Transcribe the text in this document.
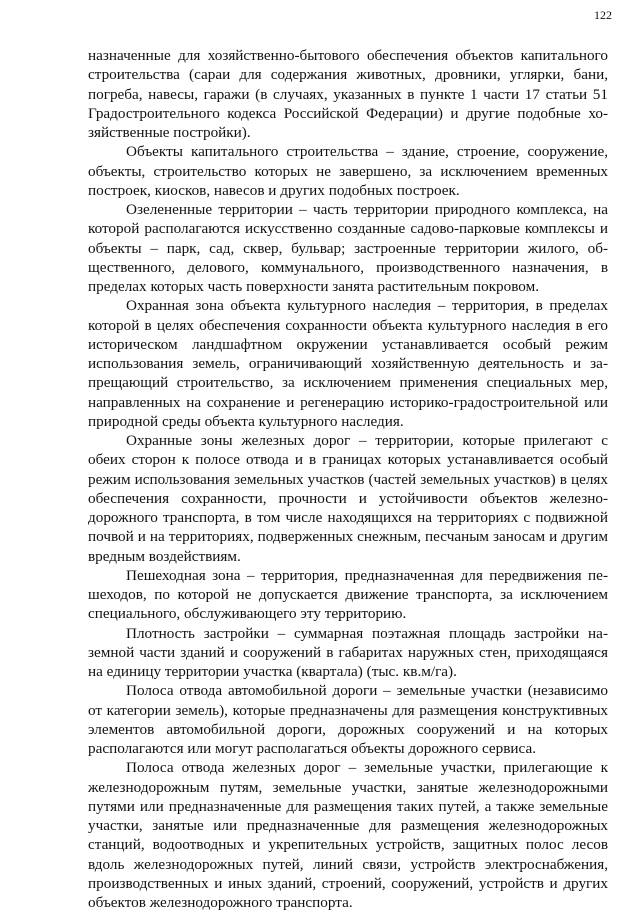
122

назначенные для хозяйственно-бытового обеспечения объектов капитального строительства (сараи для содержания животных, дровники, углярки, бани, погреба, навесы, гаражи (в случаях, указанных в пункте 1 части 17 статьи 51 Градостроительного кодекса Российской Федерации) и другие подобные хозяйственные постройки).

Объекты капитального строительства – здание, строение, сооружение, объекты, строительство которых не завершено, за исключением временных построек, киосков, навесов и других подобных построек.

Озелененные территории – часть территории природного комплекса, на которой располагаются искусственно созданные садово-парковые комплексы и объекты – парк, сад, сквер, бульвар; застроенные территории жилого, общественного, делового, коммунального, производственного назначения, в пределах которых часть поверхности занята растительным покровом.

Охранная зона объекта культурного наследия – территория, в пределах которой в целях обеспечения сохранности объекта культурного наследия в его историческом ландшафтном окружении устанавливается особый режим использования земель, ограничивающий хозяйственную деятельность и запрещающий строительство, за исключением применения специальных мер, направленных на сохранение и регенерацию историко-градостроительной или природной среды объекта культурного наследия.

Охранные зоны железных дорог – территории, которые прилегают с обеих сторон к полосе отвода и в границах которых устанавливается особый режим использования земельных участков (частей земельных участков) в целях обеспечения сохранности, прочности и устойчивости объектов железнодорожного транспорта, в том числе находящихся на территориях с подвижной почвой и на территориях, подверженных снежным, песчаным заносам и другим вредным воздействиям.

Пешеходная зона – территория, предназначенная для передвижения пешеходов, по которой не допускается движение транспорта, за исключением специального, обслуживающего эту территорию.

Плотность застройки – суммарная поэтажная площадь застройки наземной части зданий и сооружений в габаритах наружных стен, приходящаяся на единицу территории участка (квартала) (тыс. кв.м/га).

Полоса отвода автомобильной дороги – земельные участки (независимо от категории земель), которые предназначены для размещения конструктивных элементов автомобильной дороги, дорожных сооружений и на которых располагаются или могут располагаться объекты дорожного сервиса.

Полоса отвода железных дорог – земельные участки, прилегающие к железнодорожным путям, земельные участки, занятые железнодорожными путями или предназначенные для размещения таких путей, а также земельные участки, занятые или предназначенные для размещения железнодорожных станций, водоотводных и укрепительных устройств, защитных полос лесов вдоль железнодорожных путей, линий связи, устройств электроснабжения, производственных и иных зданий, строений, сооружений, устройств и других объектов железнодорожного транспорта.
